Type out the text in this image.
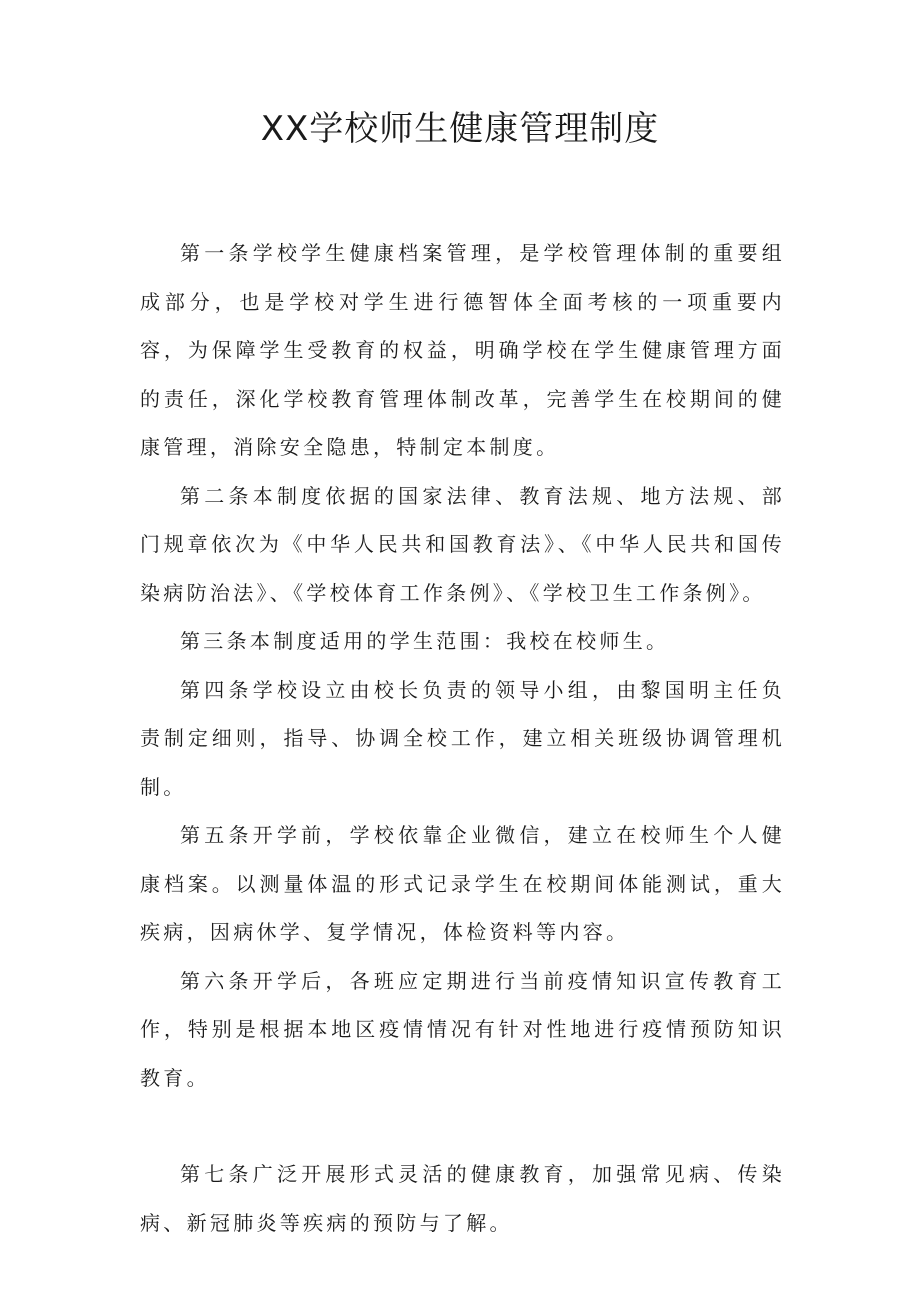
XX学校师生健康管理制度

第一条学校学生健康档案管理，是学校管理体制的重要组成部分，也是学校对学生进行德智体全面考核的一项重要内容，为保障学生受教育的权益，明确学校在学生健康管理方面的责任，深化学校教育管理体制改革，完善学生在校期间的健康管理，消除安全隐患，特制定本制度。

第二条本制度依据的国家法律、教育法规、地方法规、部门规章依次为《中华人民共和国教育法》、《中华人民共和国传染病防治法》、《学校体育工作条例》、《学校卫生工作条例》。

第三条本制度适用的学生范围：我校在校师生。

第四条学校设立由校长负责的领导小组，由黎国明主任负责制定细则，指导、协调全校工作，建立相关班级协调管理机制。

第五条开学前，学校依靠企业微信，建立在校师生个人健康档案。以测量体温的形式记录学生在校期间体能测试，重大疾病，因病休学、复学情况，体检资料等内容。

第六条开学后，各班应定期进行当前疫情知识宣传教育工作，特别是根据本地区疫情情况有针对性地进行疫情预防知识教育。

第七条广泛开展形式灵活的健康教育，加强常见病、传染病、新冠肺炎等疾病的预防与了解。
